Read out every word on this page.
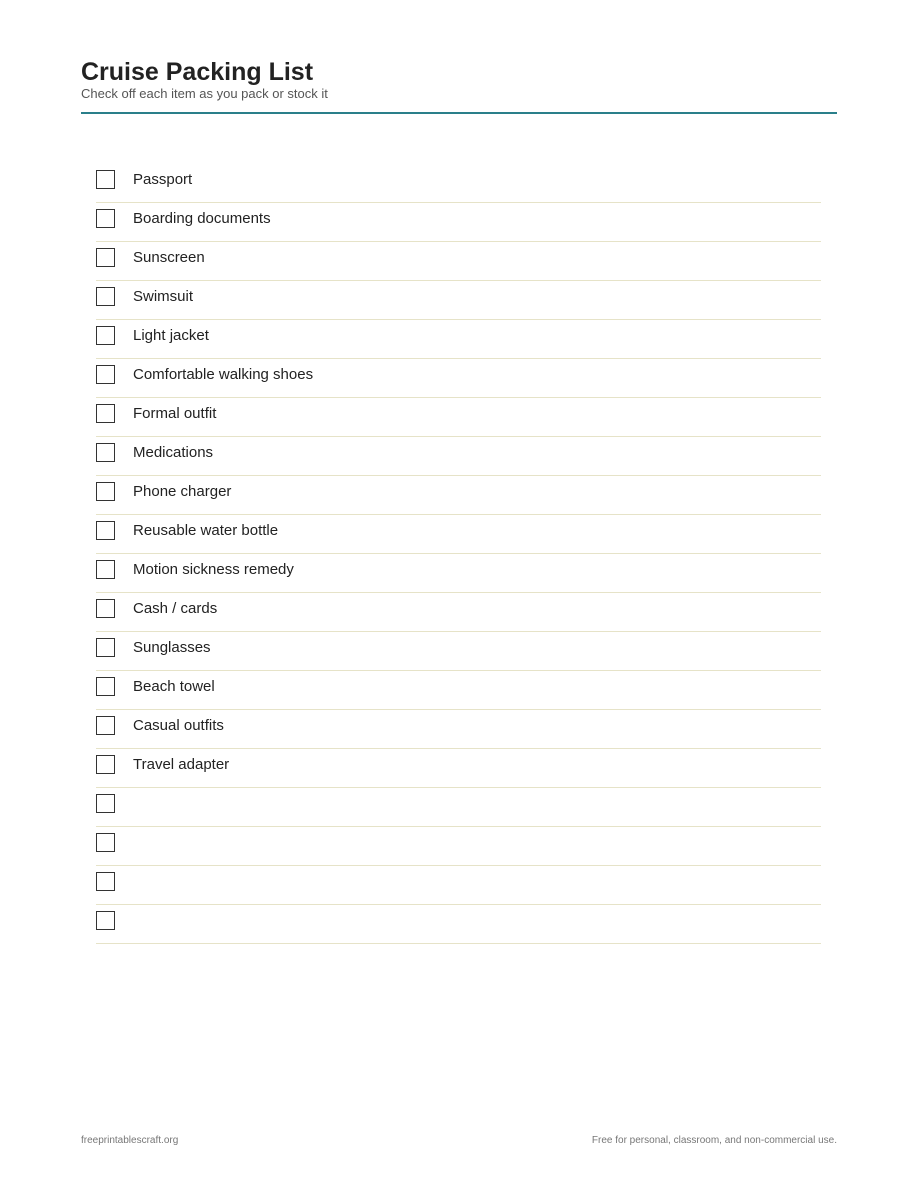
Cruise Packing List
Check off each item as you pack or stock it
Passport
Boarding documents
Sunscreen
Swimsuit
Light jacket
Comfortable walking shoes
Formal outfit
Medications
Phone charger
Reusable water bottle
Motion sickness remedy
Cash / cards
Sunglasses
Beach towel
Casual outfits
Travel adapter
freeprintablescraft.org	Free for personal, classroom, and non-commercial use.
